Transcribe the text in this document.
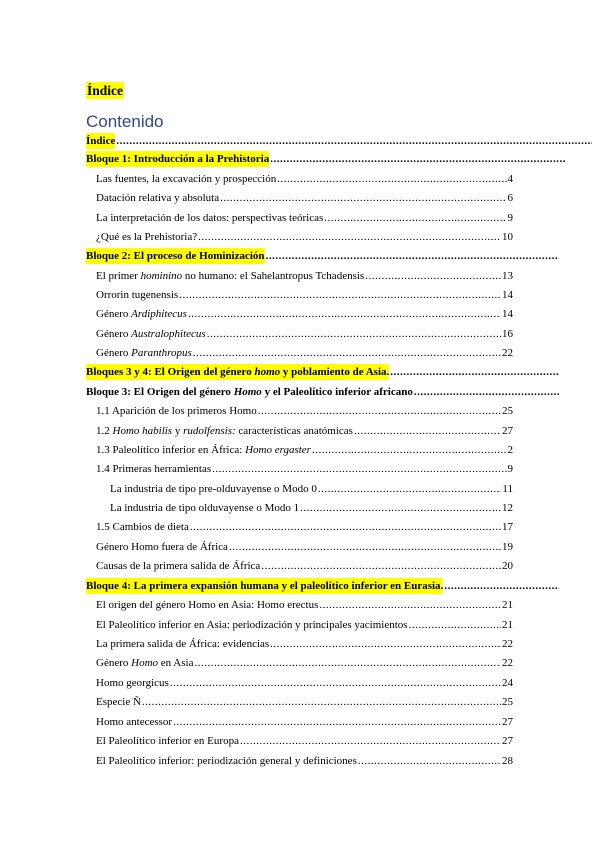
Índice
Contenido
Índice
.....
Bloque 1: Introducción a la Prehistoria
.....
Las fuentes, la excavación y prospección .....	4
Datación relativa y absoluta .....	6
La interpretación de los datos: perspectivas teóricas .....	9
¿Qué es la Prehistoria? .....	10
Bloque 2: El proceso de Hominización
.....
El primer hominino no humano: el Sahelantropus Tchadensis .....	13
Orrorin tugenensis .....	14
Género Ardiphitecus .....	14
Género Australophitecus .....	16
Género Paranthropus .....	22
Bloques 3 y 4: El Origen del género homo y poblamiento de Asia.
.....
Bloque 3: El Origen del género Homo y el Paleolítico inferior africano
.....
1.1 Aparición de los primeros Homo .....	25
1.2 Homo habilis y rudolfensis: características anatómicas .....	27
1.3 Paleolítico inferior en África: Homo ergaster .....	2
1.4 Primeras herramientas .....	9
La industria de tipo pre-olduvayense o Modo 0 .....	11
La industria de tipo olduvayense o Modo 1 .....	12
1.5 Cambios de dieta .....	17
Género Homo fuera de África .....	19
Causas de la primera salida de África .....	20
Bloque 4: La primera expansión humana y el paleolítico inferior en Eurasia.
.....
El origen del género Homo en Asia: Homo erectus .....	21
El Paleolítico inferior en Asia: periodización y principales yacimientos .....	21
La primera salida de África: evidencias .....	22
Género Homo en Asia .....	22
Homo georgicus .....	24
Especie Ñ .....	25
Homo antecessor .....	27
El Paleolítico inferior en Europa .....	27
El Paleolítico inferior: periodización general y definiciones .....	28
